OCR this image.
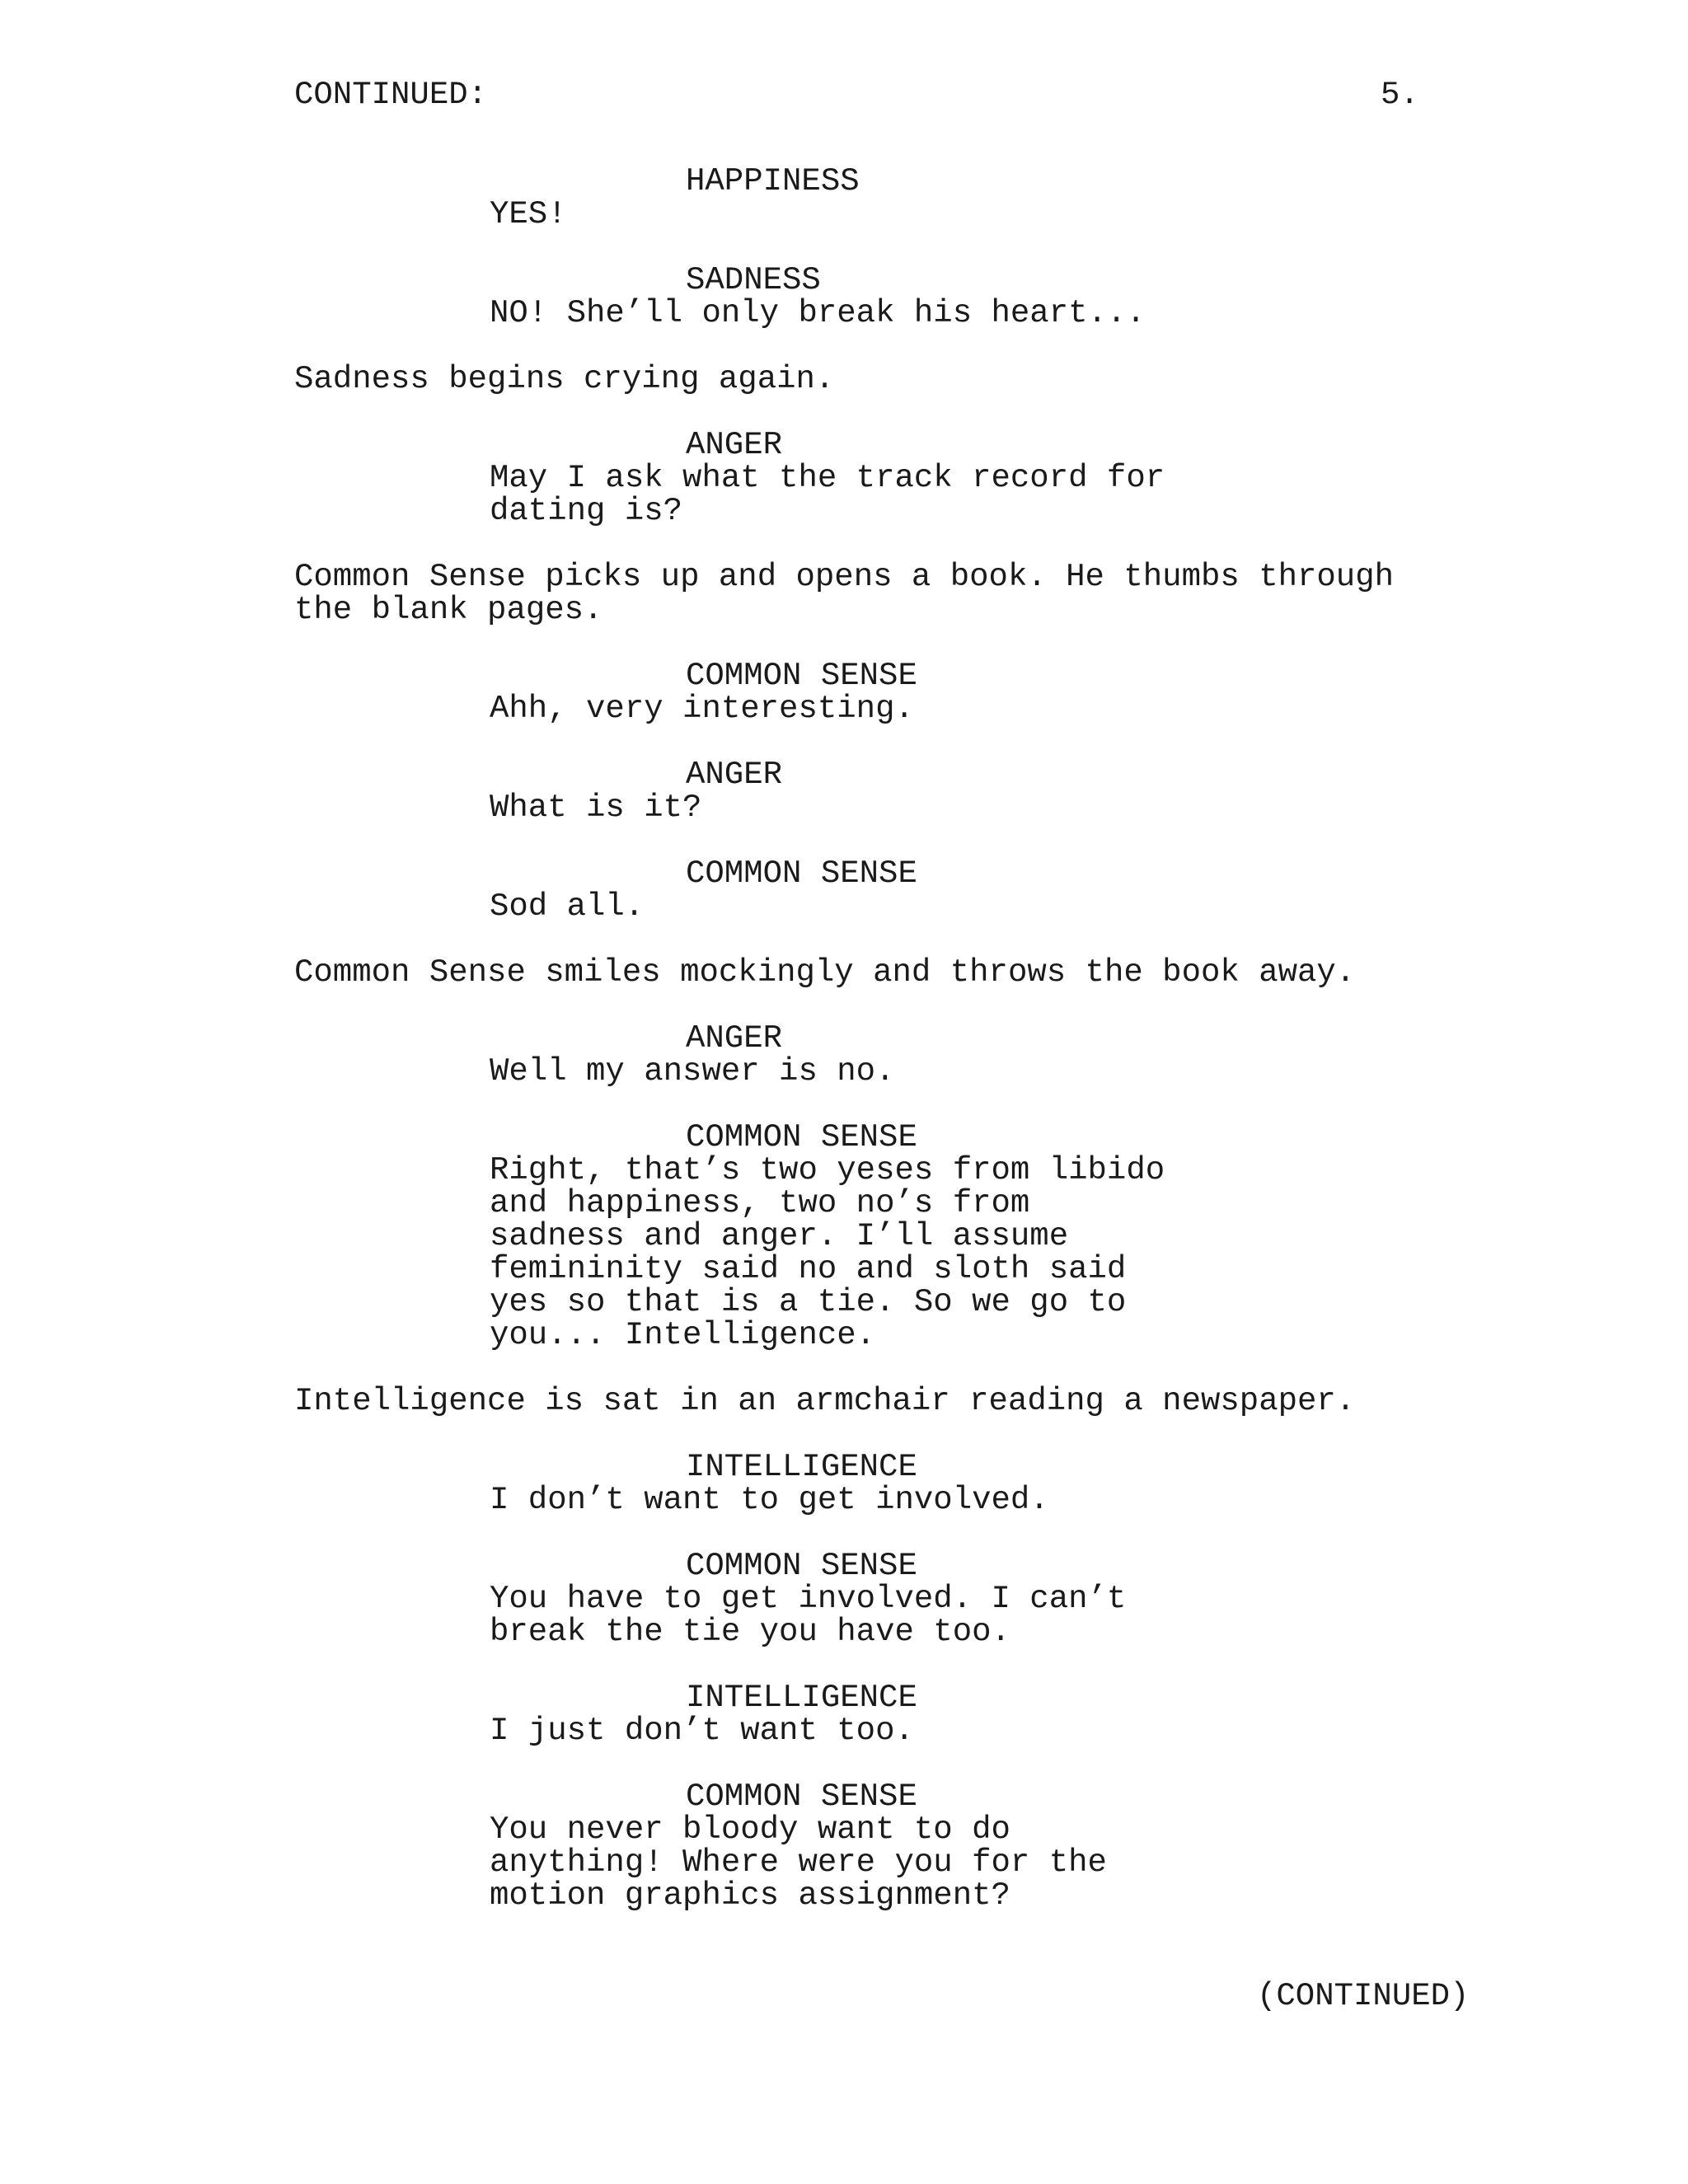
CONTINUED:	5.
HAPPINESS
YES!
SADNESS
NO! She’ll only break his heart...
Sadness begins crying again.
ANGER
May I ask what the track record for
dating is?
Common Sense picks up and opens a book. He thumbs through
the blank pages.
COMMON SENSE
Ahh, very interesting.
ANGER
What is it?
COMMON SENSE
Sod all.
Common Sense smiles mockingly and throws the book away.
ANGER
Well my answer is no.
COMMON SENSE
Right, that’s two yeses from libido
and happiness, two no’s from
sadness and anger. I’ll assume
femininity said no and sloth said
yes so that is a tie. So we go to
you... Intelligence.
Intelligence is sat in an armchair reading a newspaper.
INTELLIGENCE
I don’t want to get involved.
COMMON SENSE
You have to get involved. I can’t
break the tie you have too.
INTELLIGENCE
I just don’t want too.
COMMON SENSE
You never bloody want to do
anything! Where were you for the
motion graphics assignment?
(CONTINUED)
